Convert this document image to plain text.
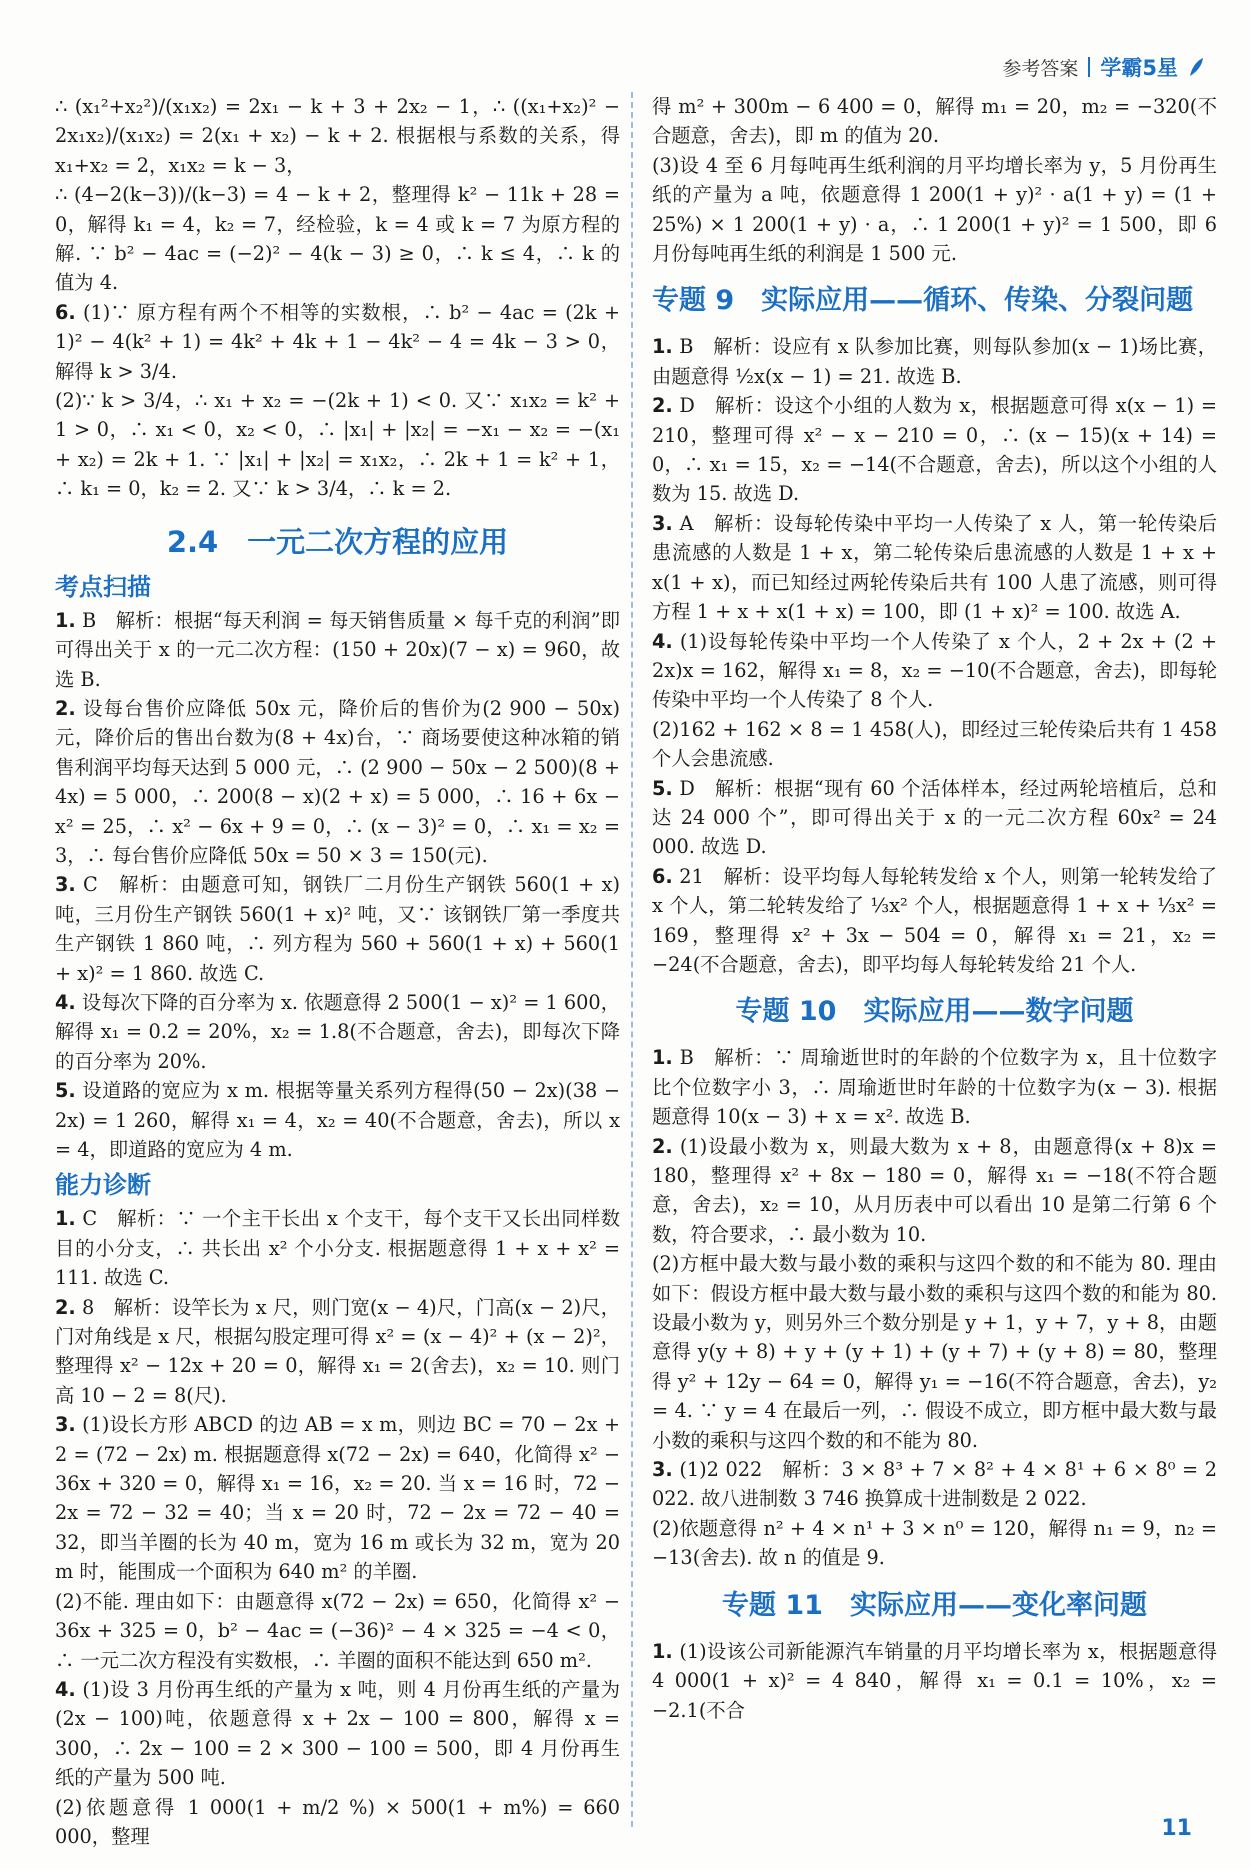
参考答案 学霸5星

∴ (x₁²+x₂²)/(x₁x₂) = 2x₁ − k + 3 + 2x₂ − 1，∴ ((x₁+x₂)² − 2x₁x₂)/(x₁x₂) = 2(x₁ + x₂) − k + 2. 根据根与系数的关系，得 x₁+x₂ = 2，x₁x₂ = k − 3，

∴ (4−2(k−3))/(k−3) = 4 − k + 2，整理得 k² − 11k + 28 = 0，解得 k₁ = 4，k₂ = 7，经检验，k = 4 或 k = 7 为原方程的解. ∵ b² − 4ac = (−2)² − 4(k − 3) ≥ 0，∴ k ≤ 4，∴ k 的值为 4.

6. (1)∵ 原方程有两个不相等的实数根，∴ b² − 4ac = (2k + 1)² − 4(k² + 1) = 4k² + 4k + 1 − 4k² − 4 = 4k − 3 > 0，解得 k > 3/4.

(2)∵ k > 3/4，∴ x₁ + x₂ = −(2k + 1) < 0. 又∵ x₁x₂ = k² + 1 > 0，∴ x₁ < 0，x₂ < 0，∴ |x₁| + |x₂| = −x₁ − x₂ = −(x₁ + x₂) = 2k + 1. ∵ |x₁| + |x₂| = x₁x₂，∴ 2k + 1 = k² + 1，∴ k₁ = 0，k₂ = 2. 又∵ k > 3/4，∴ k = 2.

2.4　一元二次方程的应用
考点扫描

1. B　解析：根据“每天利润 = 每天销售质量 × 每千克的利润”即可得出关于 x 的一元二次方程：(150 + 20x)(7 − x) = 960，故选 B.

2. 设每台售价应降低 50x 元，降价后的售价为(2 900 − 50x)元，降价后的售出台数为(8 + 4x)台，∵ 商场要使这种冰箱的销售利润平均每天达到 5 000 元，∴ (2 900 − 50x − 2 500)(8 + 4x) = 5 000，∴ 200(8 − x)(2 + x) = 5 000，∴ 16 + 6x − x² = 25，∴ x² − 6x + 9 = 0，∴ (x − 3)² = 0，∴ x₁ = x₂ = 3，∴ 每台售价应降低 50x = 50 × 3 = 150(元).

3. C　解析：由题意可知，钢铁厂二月份生产钢铁 560(1 + x) 吨，三月份生产钢铁 560(1 + x)² 吨，又∵ 该钢铁厂第一季度共生产钢铁 1 860 吨，∴ 列方程为 560 + 560(1 + x) + 560(1 + x)² = 1 860. 故选 C.

4. 设每次下降的百分率为 x. 依题意得 2 500(1 − x)² = 1 600，解得 x₁ = 0.2 = 20%，x₂ = 1.8(不合题意，舍去)，即每次下降的百分率为 20%.

5. 设道路的宽应为 x m. 根据等量关系列方程得(50 − 2x)(38 − 2x) = 1 260，解得 x₁ = 4，x₂ = 40(不合题意，舍去)，所以 x = 4，即道路的宽应为 4 m.

能力诊断

1. C　解析：∵ 一个主干长出 x 个支干，每个支干又长出同样数目的小分支，∴ 共长出 x² 个小分支. 根据题意得 1 + x + x² = 111. 故选 C.

2. 8　解析：设竿长为 x 尺，则门宽(x − 4)尺，门高(x − 2)尺，门对角线是 x 尺，根据勾股定理可得 x² = (x − 4)² + (x − 2)²，整理得 x² − 12x + 20 = 0，解得 x₁ = 2(舍去)，x₂ = 10. 则门高 10 − 2 = 8(尺).

3. (1)设长方形 ABCD 的边 AB = x m，则边 BC = 70 − 2x + 2 = (72 − 2x) m. 根据题意得 x(72 − 2x) = 640，化简得 x² − 36x + 320 = 0，解得 x₁ = 16，x₂ = 20. 当 x = 16 时，72 − 2x = 72 − 32 = 40；当 x = 20 时，72 − 2x = 72 − 40 = 32，即当羊圈的长为 40 m，宽为 16 m 或长为 32 m，宽为 20 m 时，能围成一个面积为 640 m² 的羊圈.

(2)不能. 理由如下：由题意得 x(72 − 2x) = 650，化简得 x² − 36x + 325 = 0，b² − 4ac = (−36)² − 4 × 325 = −4 < 0，∴ 一元二次方程没有实数根，∴ 羊圈的面积不能达到 650 m².

4. (1)设 3 月份再生纸的产量为 x 吨，则 4 月份再生纸的产量为(2x − 100)吨，依题意得 x + 2x − 100 = 800，解得 x = 300，∴ 2x − 100 = 2 × 300 − 100 = 500，即 4 月份再生纸的产量为 500 吨.

(2)依题意得 1 000(1 + m/2 %) × 500(1 + m%) = 660 000，整理

得 m² + 300m − 6 400 = 0，解得 m₁ = 20，m₂ = −320(不合题意，舍去)，即 m 的值为 20.

(3)设 4 至 6 月每吨再生纸利润的月平均增长率为 y，5 月份再生纸的产量为 a 吨，依题意得 1 200(1 + y)² · a(1 + y) = (1 + 25%) × 1 200(1 + y) · a，∴ 1 200(1 + y)² = 1 500，即 6 月份每吨再生纸的利润是 1 500 元.

专题 9　实际应用——循环、传染、分裂问题

1. B　解析：设应有 x 队参加比赛，则每队参加(x − 1)场比赛，由题意得 ½x(x − 1) = 21. 故选 B.

2. D　解析：设这个小组的人数为 x，根据题意可得 x(x − 1) = 210，整理可得 x² − x − 210 = 0，∴ (x − 15)(x + 14) = 0，∴ x₁ = 15，x₂ = −14(不合题意，舍去)，所以这个小组的人数为 15. 故选 D.

3. A　解析：设每轮传染中平均一人传染了 x 人，第一轮传染后患流感的人数是 1 + x，第二轮传染后患流感的人数是 1 + x + x(1 + x)，而已知经过两轮传染后共有 100 人患了流感，则可得方程 1 + x + x(1 + x) = 100，即 (1 + x)² = 100. 故选 A.

4. (1)设每轮传染中平均一个人传染了 x 个人，2 + 2x + (2 + 2x)x = 162，解得 x₁ = 8，x₂ = −10(不合题意，舍去)，即每轮传染中平均一个人传染了 8 个人.

(2)162 + 162 × 8 = 1 458(人)，即经过三轮传染后共有 1 458 个人会患流感.

5. D　解析：根据“现有 60 个活体样本，经过两轮培植后，总和达 24 000 个”，即可得出关于 x 的一元二次方程 60x² = 24 000. 故选 D.

6. 21　解析：设平均每人每轮转发给 x 个人，则第一轮转发给了 x 个人，第二轮转发给了 ⅓x² 个人，根据题意得 1 + x + ⅓x² = 169，整理得 x² + 3x − 504 = 0，解得 x₁ = 21，x₂ = −24(不合题意，舍去)，即平均每人每轮转发给 21 个人.

专题 10　实际应用——数字问题

1. B　解析：∵ 周瑜逝世时的年龄的个位数字为 x，且十位数字比个位数字小 3，∴ 周瑜逝世时年龄的十位数字为(x − 3). 根据题意得 10(x − 3) + x = x². 故选 B.

2. (1)设最小数为 x，则最大数为 x + 8，由题意得(x + 8)x = 180，整理得 x² + 8x − 180 = 0，解得 x₁ = −18(不符合题意，舍去)，x₂ = 10，从月历表中可以看出 10 是第二行第 6 个数，符合要求，∴ 最小数为 10.

(2)方框中最大数与最小数的乘积与这四个数的和不能为 80. 理由如下：假设方框中最大数与最小数的乘积与这四个数的和能为 80. 设最小数为 y，则另外三个数分别是 y + 1，y + 7，y + 8，由题意得 y(y + 8) + y + (y + 1) + (y + 7) + (y + 8) = 80，整理得 y² + 12y − 64 = 0，解得 y₁ = −16(不符合题意，舍去)，y₂ = 4. ∵ y = 4 在最后一列，∴ 假设不成立，即方框中最大数与最小数的乘积与这四个数的和不能为 80.

3. (1)2 022　解析：3 × 8³ + 7 × 8² + 4 × 8¹ + 6 × 8⁰ = 2 022. 故八进制数 3 746 换算成十进制数是 2 022.

(2)依题意得 n² + 4 × n¹ + 3 × n⁰ = 120，解得 n₁ = 9，n₂ = −13(舍去). 故 n 的值是 9.

专题 11　实际应用——变化率问题

1. (1)设该公司新能源汽车销量的月平均增长率为 x，根据题意得 4 000(1 + x)² = 4 840，解得 x₁ = 0.1 = 10%，x₂ = −2.1(不合

11
